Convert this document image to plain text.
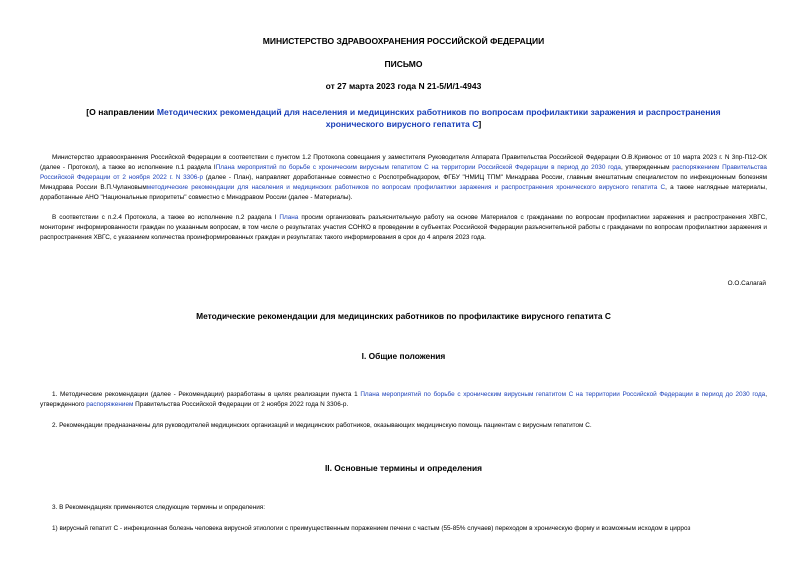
МИНИСТЕРСТВО ЗДРАВООХРАНЕНИЯ РОССИЙСКОЙ ФЕДЕРАЦИИ
ПИСЬМО
от 27 марта 2023 года N 21-5/И/1-4943
[О направлении Методических рекомендаций для населения и медицинских работников по вопросам профилактики заражения и распространения хронического вирусного гепатита С]
Министерство здравоохранения Российской Федерации в соответствии с пунктом 1.2 Протокола совещания у заместителя Руководителя Аппарата Правительства Российской Федерации О.В.Кривонос от 10 марта 2023 г. N 3пр-П12-ОК (далее - Протокол), а также во исполнение п.1 раздела IПлана мероприятий по борьбе с хроническим вирусным гепатитом С на территории Российской Федерации в период до 2030 года, утвержденным распоряжением Правительства Российской Федерации от 2 ноября 2022 г. N 3306-р (далее - План), направляет доработанные совместно с Роспотребнадзором, ФГБУ "НМИЦ ТПМ" Минздрава России, главным внештатным специалистом по инфекционным болезням Минздрава России В.П.Чулановымметодические рекомендации для населения и медицинских работников по вопросам профилактики заражения и распространения хронического вирусного гепатита С, а также наглядные материалы, доработанные АНО "Национальные приоритеты" совместно с Минздравом России (далее - Материалы).
В соответствии с п.2.4 Протокола, а также во исполнение п.2 раздела I Плана просим организовать разъяснительную работу на основе Материалов с гражданами по вопросам профилактики заражения и распространения ХВГС, мониторинг информированности граждан по указанным вопросам, в том числе о результатах участия СОНКО в проведении в субъектах Российской Федерации разъяснительной работы с гражданами по вопросам профилактики заражения и распространения ХВГС, с указанием количества проинформированных граждан и результатах такого информирования в срок до 4 апреля 2023 года.
О.О.Салагай
Методические рекомендации для медицинских работников по профилактике вирусного гепатита С
I. Общие положения
1. Методические рекомендации (далее - Рекомендации) разработаны в целях реализации пункта 1 Плана мероприятий по борьбе с хроническим вирусным гепатитом С на территории Российской Федерации в период до 2030 года, утвержденного распоряжением Правительства Российской Федерации от 2 ноября 2022 года N 3306-р.
2. Рекомендации предназначены для руководителей медицинских организаций и медицинских работников, оказывающих медицинскую помощь пациентам с вирусным гепатитом С.
II. Основные термины и определения
3. В Рекомендациях применяются следующие термины и определения:
1) вирусный гепатит С - инфекционная болезнь человека вирусной этиологии с преимущественным поражением печени с частым (55-85% случаев) переходом в хроническую форму и возможным исходом в цирроз
